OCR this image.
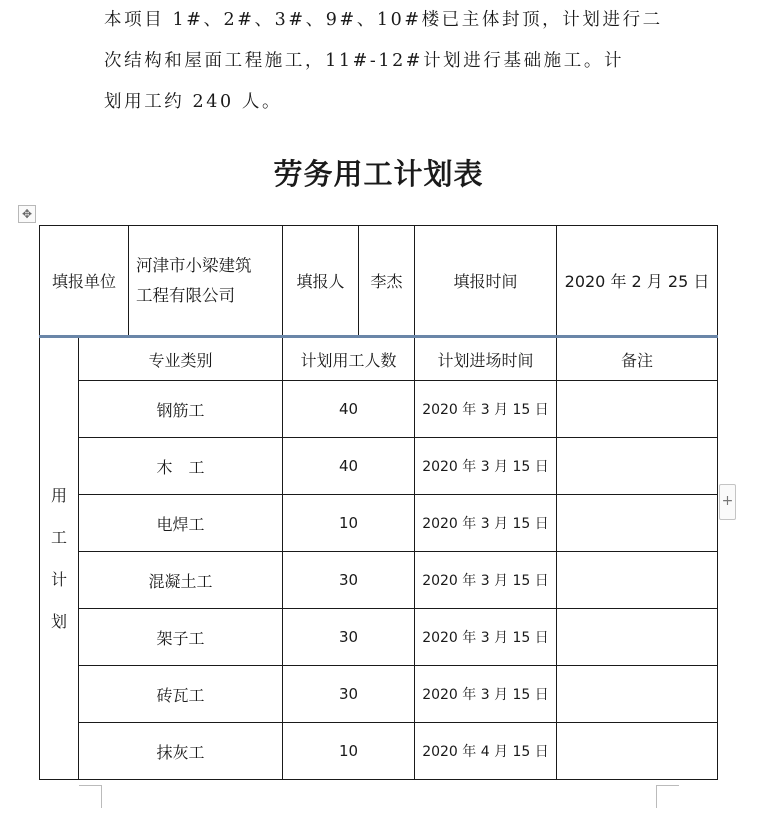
本项目 1#、2#、3#、9#、10#楼已主体封顶，计划进行二
次结构和屋面工程施工，11#-12#计划进行基础施工。计
划用工约 240 人。

劳务用工计划表
✥
+
填报单位		河津市小梁建筑
工程有限公司	填报人	李杰	填报时间	2020 年 2 月 25 日

用
工
计
划	专业类别		计划用工人数		计划进场时间	备注
	钢筋工		40		2020 年 3 月 15 日	
	木　工		40		2020 年 3 月 15 日	
	电焊工		10		2020 年 3 月 15 日	
	混凝土工		30		2020 年 3 月 15 日	
	架子工		30		2020 年 3 月 15 日	
	砖瓦工		30		2020 年 3 月 15 日	
	抹灰工		10		2020 年 4 月 15 日	
